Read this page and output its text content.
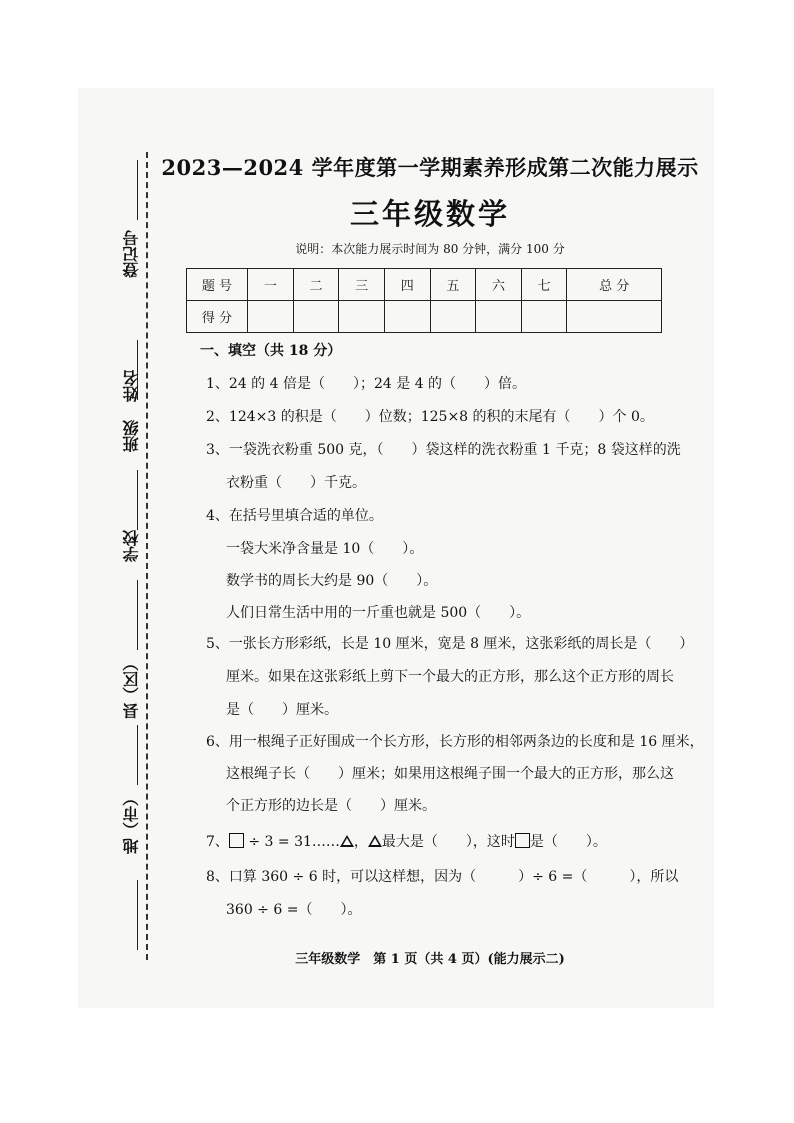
登记号
姓名
班级
学校
县（区）
地（市）
2023—2024 学年度第一学期素养形成第二次能力展示
三年级数学
说明：本次能力展示时间为 80 分钟，满分 100 分
题 号	一	二	三	四	五	六	七	总 分
得 分								
一、填空（共 18 分）
1、24 的 4 倍是（　　）；24 是 4 的（　　）倍。
2、124×3 的积是（　　）位数；125×8 的积的末尾有（　　）个 0。
3、一袋洗衣粉重 500 克，（　　）袋这样的洗衣粉重 1 千克；8 袋这样的洗
衣粉重（　　）千克。
4、在括号里填合适的单位。
一袋大米净含量是 10（　　）。
数学书的周长大约是 90（　　）。
人们日常生活中用的一斤重也就是 500（　　）。
5、一张长方形彩纸，长是 10 厘米，宽是 8 厘米，这张彩纸的周长是（　　）
厘米。如果在这张彩纸上剪下一个最大的正方形，那么这个正方形的周长
是（　　）厘米。
6、用一根绳子正好围成一个长方形，长方形的相邻两条边的长度和是 16 厘米，
这根绳子长（　　）厘米；如果用这根绳子围一个最大的正方形，那么这
个正方形的边长是（　　）厘米。
7、 ÷ 3 = 31…… ， 最大是（　　），这时 是（　　）。
8、口算 360 ÷ 6 时，可以这样想，因为（　　　）÷ 6 =（　　　），所以
360 ÷ 6 =（　　）。
三年级数学　第 1 页（共 4 页）(能力展示二)
